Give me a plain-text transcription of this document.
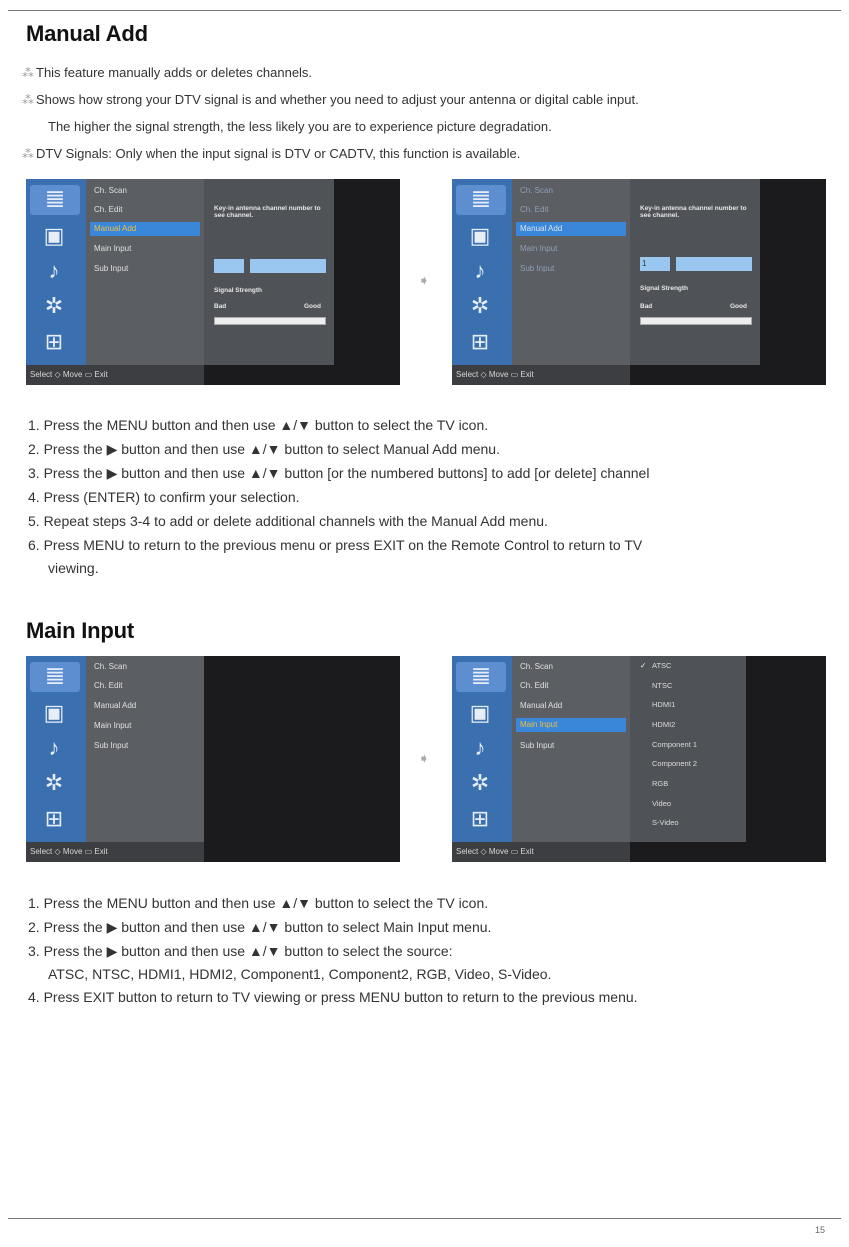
Manual Add
⁂ This feature manually adds or deletes channels.
⁂ Shows how strong your DTV signal is and whether you need to adjust your antenna or digital cable input.
The higher the signal strength, the less likely you are to experience picture degradation.
⁂ DTV Signals: Only when the input signal is DTV or CADTV, this function is available.
𝍤
▣
♪
✲
⊞
Ch. Scan
Ch. Edit
Manual Add
Main Input
Sub Input
Key-in antenna channel number to see channel.
Signal Strength
Bad	Good
Select ◇ Move ▭ Exit
➧
𝍤
▣
♪
✲
⊞
Ch. Scan
Ch. Edit
Manual Add
Main Input
Sub Input
Key-in antenna channel number to see channel.
1
Signal Strength
Bad	Good
Select ◇ Move ▭ Exit
1. Press the MENU button and then use ▲/▼ button to select the TV icon.
2. Press the ▶ button and then use ▲/▼ button to select Manual Add menu.
3. Press the ▶ button and then use ▲/▼ button [or the numbered buttons] to add [or delete] channel
4. Press (ENTER) to confirm your selection.
5. Repeat steps 3-4 to add or delete additional channels with the Manual Add menu.
6. Press MENU to return to the previous menu or press EXIT on the Remote Control to return to TV
viewing.
Main Input
𝍤
▣
♪
✲
⊞
Ch. Scan
Ch. Edit
Manual Add
Main Input
Sub Input
Select ◇ Move ▭ Exit
➧
𝍤
▣
♪
✲
⊞
Ch. Scan
Ch. Edit
Manual Add
Main Input
Sub Input
✓ ATSC
NTSC
HDMI1
HDMI2
Component 1
Component 2
RGB
Video
S-Video
Select ◇ Move ▭ Exit
1. Press the MENU button and then use ▲/▼ button to select the TV icon.
2. Press the ▶ button and then use ▲/▼ button to select Main Input menu.
3. Press the ▶ button and then use ▲/▼ button to select the source:
ATSC, NTSC, HDMI1, HDMI2, Component1, Component2, RGB, Video, S-Video.
4. Press EXIT button to return to TV viewing or press MENU button to return to the previous menu.
15
